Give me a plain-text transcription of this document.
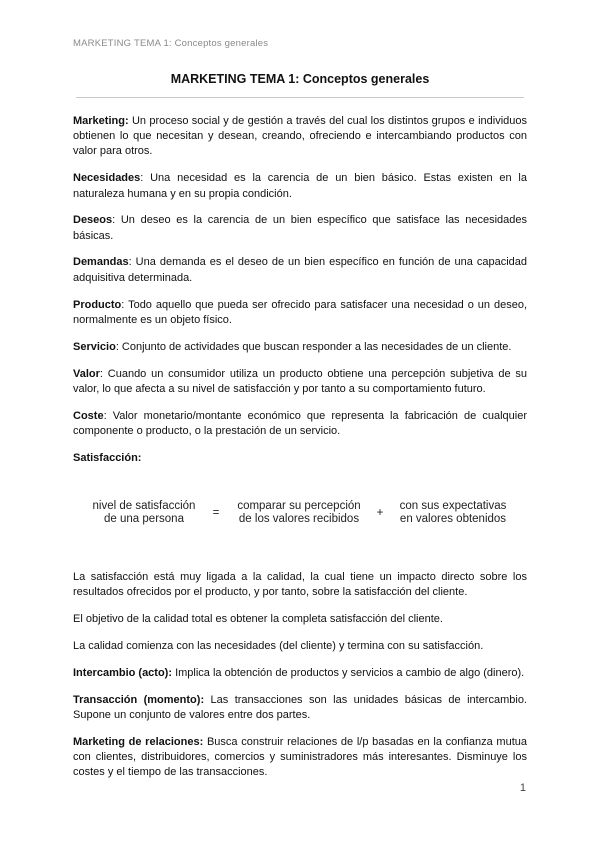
MARKETING TEMA 1: Conceptos generales
MARKETING TEMA 1: Conceptos generales

Marketing: Un proceso social y de gestión a través del cual los distintos grupos e individuos obtienen lo que necesitan y desean, creando, ofreciendo e intercambiando productos con valor para otros.

Necesidades: Una necesidad es la carencia de un bien básico. Estas existen en la naturaleza humana y en su propia condición.

Deseos: Un deseo es la carencia de un bien específico que satisface las necesidades básicas.

Demandas: Una demanda es el deseo de un bien específico en función de una capacidad adquisitiva determinada.

Producto: Todo aquello que pueda ser ofrecido para satisfacer una necesidad o un deseo, normalmente es un objeto físico.

Servicio: Conjunto de actividades que buscan responder a las necesidades de un cliente.

Valor: Cuando un consumidor utiliza un producto obtiene una percepción subjetiva de su valor, lo que afecta a su nivel de satisfacción y por tanto a su comportamiento futuro.

Coste: Valor monetario/montante económico que representa la fabricación de cualquier componente o producto, o la prestación de un servicio.

Satisfacción:

nivel de satisfacción de una persona	=
comparar su percepción de los valores recibidos	+
con sus expectativas en valores obtenidos

La satisfacción está muy ligada a la calidad, la cual tiene un impacto directo sobre los resultados ofrecidos por el producto, y por tanto, sobre la satisfacción del cliente.

El objetivo de la calidad total es obtener la completa satisfacción del cliente.

La calidad comienza con las necesidades (del cliente) y termina con su satisfacción.

Intercambio (acto): Implica la obtención de productos y servicios a cambio de algo (dinero).

Transacción (momento): Las transacciones son las unidades básicas de intercambio. Supone un conjunto de valores entre dos partes.

Marketing de relaciones: Busca construir relaciones de l/p basadas en la confianza mutua con clientes, distribuidores, comercios y suministradores más interesantes. Disminuye los costes y el tiempo de las transacciones.

1
